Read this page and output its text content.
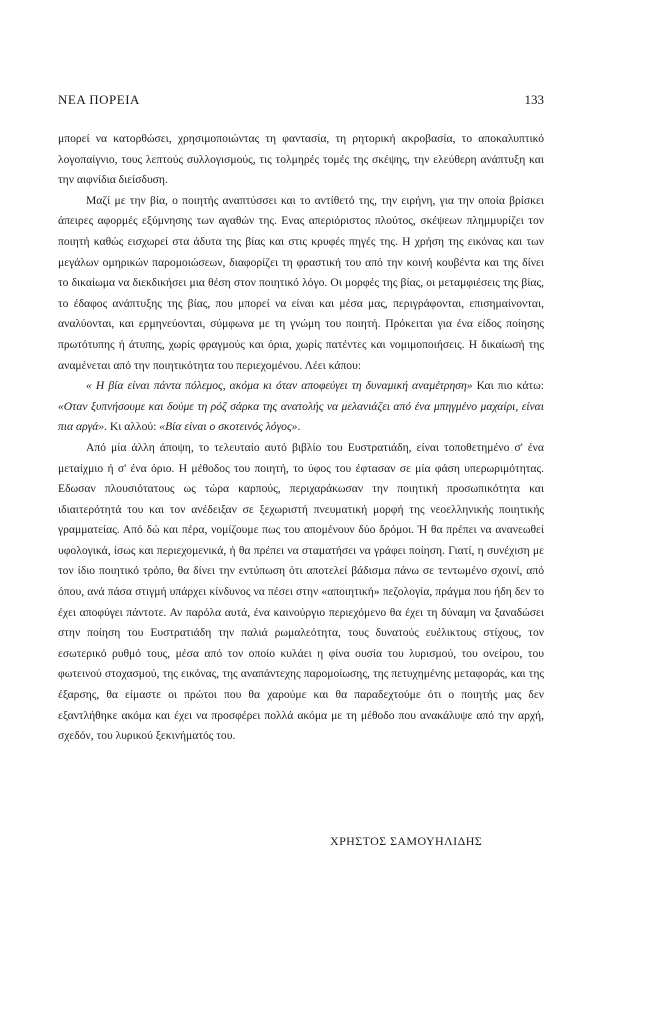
ΝΕΑ ΠΟΡΕΙΑ	133

μπορεί να κατορθώσει, χρησιμοποιώντας τη φαντασία, τη ρητορική ακροβασία, το αποκαλυπτικό λογοπαίγνιο, τους λεπτούς συλλογισμούς, τις τολμηρές τομές της σκέψης, την ελεύθερη ανάπτυξη και την αιφνίδια διείσδυση.

Μαζί με την βία, ο ποιητής αναπτύσσει και το αντίθετό της, την ειρήνη, για την οποία βρίσκει άπειρες αφορμές εξύμνησης των αγαθών της. Ενας απεριόριστος πλούτος, σκέψεων πλημμυρίζει τον ποιητή καθώς εισχωρεί στα άδυτα της βίας και στις κρυφές πηγές της. Η χρήση της εικόνας και των μεγάλων ομηρικών παρομοιώσεων, διαφορίζει τη φραστική του από την κοινή κουβέντα και της δίνει το δικαίωμα να διεκδικήσει μια θέση στον ποιητικό λόγο. Οι μορφές της βίας, οι μεταμφιέσεις της βίας, το έδαφος ανάπτυξης της βίας, που μπορεί να είναι και μέσα μας, περιγράφονται, επισημαίνονται, αναλύονται, και ερμηνεύονται, σύμφωνα με τη γνώμη του ποιητή. Πρόκειται για ένα είδος ποίησης πρωτότυπης ή άτυπης, χωρίς φραγμούς και όρια, χωρίς πατέντες και νομιμοποιήσεις. Η δικαίωσή της αναμένεται από την ποιητικότητα του περιεχομένου. Λέει κάπου:

« Η βία είναι πάντα πόλεμος, ακόμα κι όταν αποφεύγει τη δυναμική αναμέτρηση» Και πιο κάτω: «Οταν ξυπνήσουμε και δούμε τη ρόζ σάρκα της ανατολής να μελανιάζει από ένα μπηγμένο μαχαίρι, είναι πια αργά». Κι αλλού: «Βία είναι ο σκοτεινός λόγος».

Από μία άλλη άποψη, το τελευταίο αυτό βιβλίο του Ευστρατιάδη, είναι τοποθετημένο σ' ένα μεταίχμιο ή σ' ένα όριο. Η μέθοδος του ποιητή, το ύφος του έφτασαν σε μία φάση υπερωριμότητας. Εδωσαν πλουσιότατους ως τώρα καρπούς, περιχαράκωσαν την ποιητική προσωπικότητα και ιδιαιτερότητά του και τον ανέδειξαν σε ξεχωριστή πνευματική μορφή της νεοελληνικής ποιητικής γραμματείας. Από δώ και πέρα, νομίζουμε πως του απομένουν δύο δρόμοι. Ή θα πρέπει να ανανεωθεί υφολογικά, ίσως και περιεχομενικά, ή θα πρέπει να σταματήσει να γράφει ποίηση. Γιατί, η συνέχιση με τον ίδιο ποιητικό τρόπο, θα δίνει την εντύπωση ότι αποτελεί βάδισμα πάνω σε τεντωμένο σχοινί, από όπου, ανά πάσα στιγμή υπάρχει κίνδυνος να πέσει στην «αποιητική» πεζολογία, πράγμα που ήδη δεν το έχει αποφύγει πάντοτε. Αν παρόλα αυτά, ένα καινούργιο περιεχόμενο θα έχει τη δύναμη να ξαναδώσει στην ποίηση του Ευστρατιάδη την παλιά ρωμαλεότητα, τους δυνατούς ευέλικτους στίχους, τον εσωτερικό ρυθμό τους, μέσα από τον οποίο κυλάει η φίνα ουσία του λυρισμού, του ονείρου, του φωτεινού στοχασμού, της εικόνας, της αναπάντεχης παρομοίωσης, της πετυχημένης μεταφοράς, και της έξαρσης, θα είμαστε οι πρώτοι που θα χαρούμε και θα παραδεχτούμε ότι ο ποιητής μας δεν εξαντλήθηκε ακόμα και έχει να προσφέρει πολλά ακόμα με τη μέθοδο που ανακάλυψε από την αρχή, σχεδόν, του λυρικού ξεκινήματός του.

ΧΡΗΣΤΟΣ ΣΑΜΟΥΗΛΙΔΗΣ
